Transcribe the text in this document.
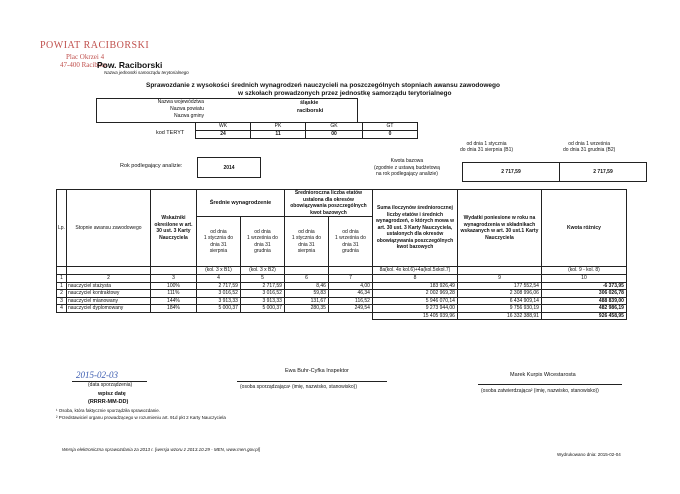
POWIAT RACIBORSKI
Plac Okrzei 4
47-400 Racibórz
Pow. Raciborski
Nazwa jednostki samorządu terytorialnego
Sprawozdanie z wysokości średnich wynagrodzeń nauczycieli na poszczególnych stopniach awansu zawodowego
w szkołach prowadzonych przez jednostkę samorządu terytorialnego
Nazwa województwa
Nazwa powiatu
Nazwa gminy
śląskie
raciborski
kod TERYT
WK	PK	GK	GT
24	11	00	0
od dnia 1 stycznia
do dnia 31 sierpnia (B1)
od dnia 1 września
do dnia 31 grudnia (B2)
Rok podlegający analizie:	2014
Kwota bazowa
(zgodnie z ustawą budżetową
na rok podlegający analizie)	2 717,59	2 717,59
Lp.	Stopnie awansu zawodowego	Wskaźniki określone w art. 30 ust. 3 Karty Nauczyciela	Średnie wynagrodzenie		Średnioroczna liczba etatów ustalona dla okresów obowiązywania poszczególnych kwot bazowych		Suma iloczynów średniorocznej liczby etatów i średnich wynagrodzeń, o których mowa w art. 30 ust. 3 Karty Nauczyciela, ustalonych dla okresów obowiązywania poszczególnych kwot bazowych	Wydatki poniesione w roku na wynagrodzenia w składnikach wskazanych w art. 30 ust.1 Karty Nauczyciela	Kwota różnicy
			od dnia
1 stycznia do
dnia 31
sierpnia	od dnia
1 września do
dnia 31
grudnia	od dnia
1 stycznia do
dnia 31
sierpnia	od dnia
1 września do
dnia 31
grudnia			
			(kol. 3 x B1)	(kol. 3 x B2)			8a(kol. 4x kol.6)+4a(kol.5xkol.7)		(kol. 9 - kol. 8)
1	2	3	4	5	6	7	8	9	10
1	nauczyciel stażysta	100%	2 717,59	2 717,59	8,46	4,00	183 926,49	177 552,54	-6 373,95
2	nauczyciel kontraktowy	111%	3 016,52	3 016,52	59,83	46,34	2 002 969,28	2 308 996,06	306 026,78
3	nauczyciel mianowany	144%	3 913,33	3 913,33	131,67	116,52	5 946 070,14	6 434 909,14	488 839,00
4	nauczyciel dyplomowany	184%	5 000,37	5 000,37	280,35	249,54	9 273 944,00	9 756 930,19	482 986,19
							15 405 939,96	16 332 388,91	926 458,95
2015-02-03
(data sporządzenia)
wpisz datę
(RRRR-MM-DD)
Ewa Buhr-Cyfka Inspektor
(osoba sporządzająca¹ (imię, nazwisko, stanowisko))
Marek Kurpis Wicestarosta
(osoba zatwierdzająca² (imię, nazwisko, stanowisko))
¹ Osoba, która faktycznie sporządziła sprawozdanie.
² Przedstawiciel organu prowadzącego w rozumieniu art. 91d pkt 2 Karty Nauczyciela
Wersja elektroniczna sprawozdania za 2013 r. [wersja wzoru z 2013.10.29 - MEN, www.men.gov.pl]
Wydrukowano dnia: 2015-02-04
